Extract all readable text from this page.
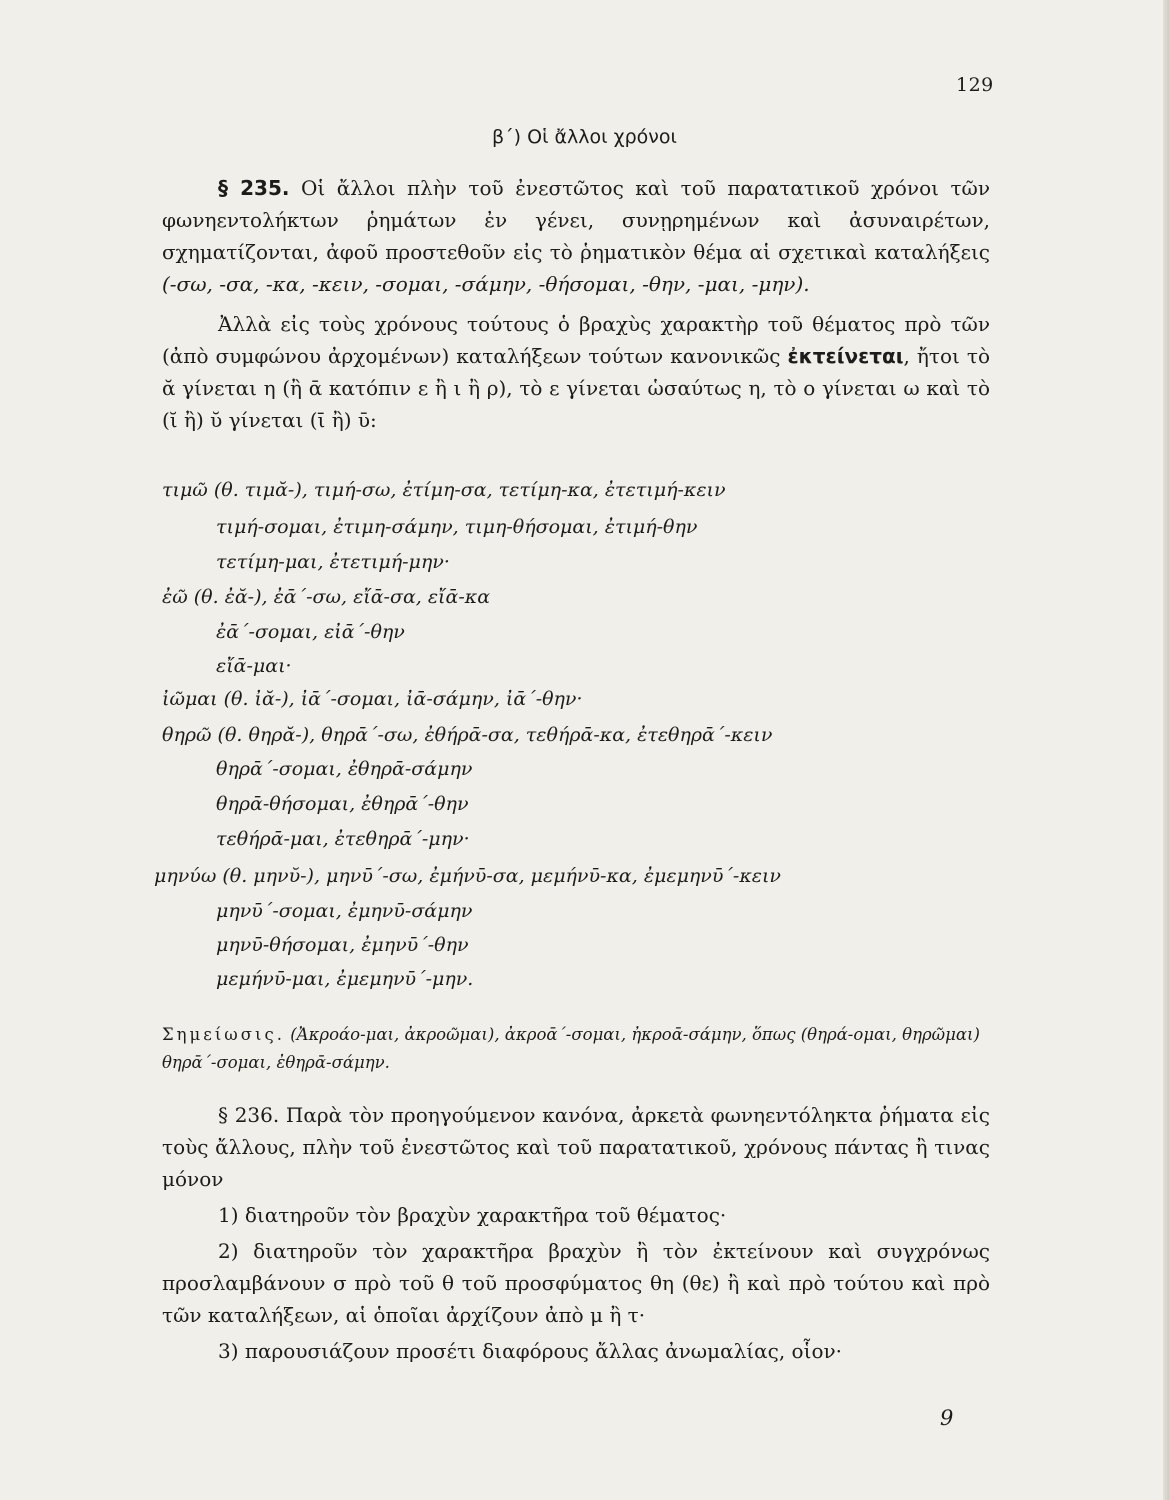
129
β΄) Οἱ ἄλλοι χρόνοι

§ 235. Οἱ ἄλλοι πλὴν τοῦ ἐνεστῶτος καὶ τοῦ παρατατικοῦ χρόνοι τῶν φωνηεντολήκτων ῥημάτων ἐν γένει, συνῃρημένων καὶ ἀσυναιρέτων, σχηματίζονται, ἀφοῦ προστεθοῦν εἰς τὸ ῥηματικὸν θέμα αἱ σχετικαὶ καταλήξεις (-σω, -σα, -κα, -κειν, -σομαι, -σάμην, -θήσομαι, -θην, -μαι, -μην).

Ἀλλὰ εἰς τοὺς χρόνους τούτους ὁ βραχὺς χαρακτὴρ τοῦ θέματος πρὸ τῶν (ἀπὸ συμφώνου ἀρχομένων) καταλήξεων τούτων κανονικῶς ἐκτείνεται, ἤτοι τὸ ᾰ γίνεται η (ἢ ᾱ κατόπιν ε ἢ ι ἢ ρ), τὸ ε γίνεται ὡσαύτως η, τὸ ο γίνεται ω καὶ τὸ (ῐ ἢ) ῠ γίνεται (ῑ ἢ) ῡ:

τιμῶ (θ. τιμᾰ-), τιμή-σω, ἐτίμη-σα, τετίμη-κα, ἐτετιμή-κειν
τιμή-σομαι, ἐτιμη-σάμην, τιμη-θήσομαι, ἐτιμή-θην
τετίμη-μαι, ἐτετιμή-μην·
ἐῶ (θ. ἐᾰ-), ἐᾱ΄-σω, εἴᾱ-σα, εἴᾱ-κα
ἐᾱ΄-σομαι, εἰᾱ΄-θην
εἴᾱ-μαι·
ἰῶμαι (θ. ἰᾰ-), ἰᾱ΄-σομαι, ἰᾱ-σάμην, ἰᾱ΄-θην·
θηρῶ (θ. θηρᾰ-), θηρᾱ΄-σω, ἐθήρᾱ-σα, τεθήρᾱ-κα, ἐτεθηρᾱ΄-κειν
θηρᾱ΄-σομαι, ἐθηρᾱ-σάμην
θηρᾱ-θήσομαι, ἐθηρᾱ΄-θην
τεθήρᾱ-μαι, ἐτεθηρᾱ΄-μην·
μηνύω (θ. μηνῠ-), μηνῡ΄-σω, ἐμήνῡ-σα, μεμήνῡ-κα, ἐμεμηνῡ΄-κειν
μηνῡ΄-σομαι, ἐμηνῡ-σάμην
μηνῡ-θήσομαι, ἐμηνῡ΄-θην
μεμήνῡ-μαι, ἐμεμηνῡ΄-μην.
Σημείωσις. (Ἀκροάο-μαι, ἀκροῶμαι), ἀκροᾱ΄-σομαι, ἠκροᾱ-σάμην, ὅπως (θηρά-ομαι, θηρῶμαι) θηρᾱ΄-σομαι, ἐθηρᾱ-σάμην.

§ 236. Παρὰ τὸν προηγούμενον κανόνα, ἀρκετὰ φωνηεντόληκτα ῥήματα εἰς τοὺς ἄλλους, πλὴν τοῦ ἐνεστῶτος καὶ τοῦ παρατατικοῦ, χρόνους πάντας ἢ τινας μόνον

1) διατηροῦν τὸν βραχὺν χαρακτῆρα τοῦ θέματος·

2) διατηροῦν τὸν χαρακτῆρα βραχὺν ἢ τὸν ἐκτείνουν καὶ συγχρόνως προσλαμβάνουν σ πρὸ τοῦ θ τοῦ προσφύματος θη (θε) ἢ καὶ πρὸ τούτου καὶ πρὸ τῶν καταλήξεων, αἱ ὁποῖαι ἀρχίζουν ἀπὸ μ ἢ τ·

3) παρουσιάζουν προσέτι διαφόρους ἄλλας ἀνωμαλίας, οἷον·

9
